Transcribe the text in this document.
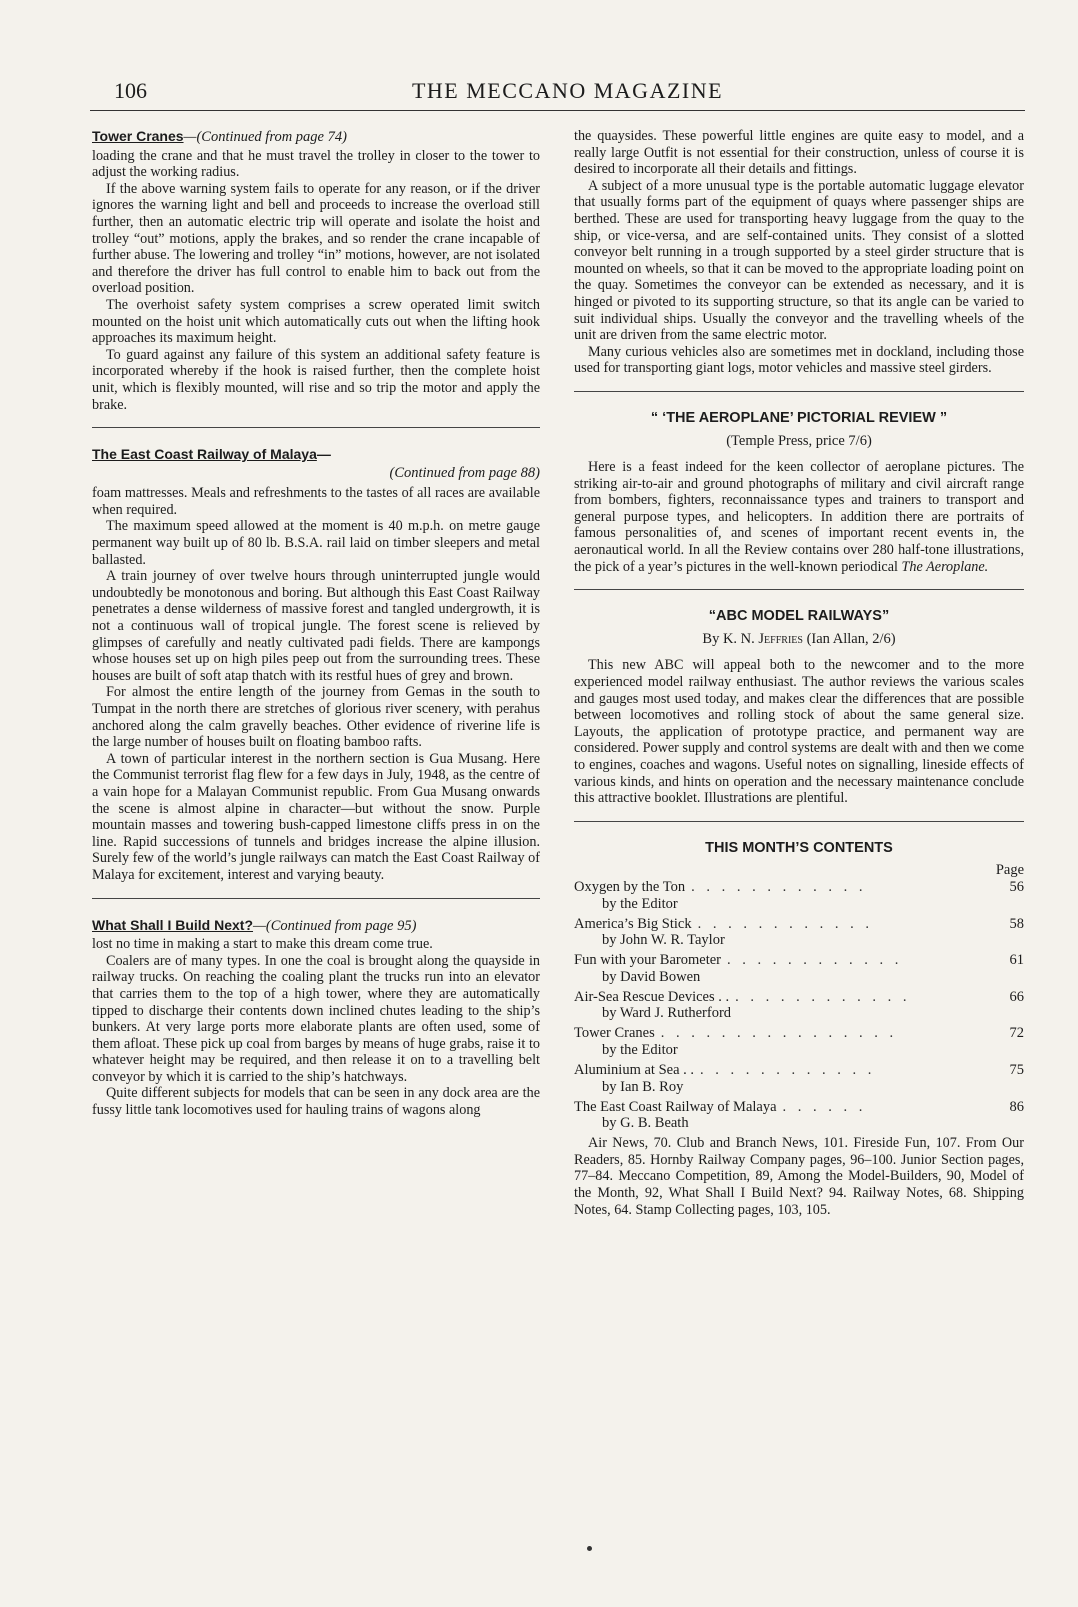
106	THE MECCANO MAGAZINE
Tower Cranes—(Continued from page 74)

loading the crane and that he must travel the trolley in closer to the tower to adjust the working radius.

If the above warning system fails to operate for any reason, or if the driver ignores the warning light and bell and proceeds to increase the overload still further, then an automatic electric trip will operate and isolate the hoist and trolley “out” motions, apply the brakes, and so render the crane incapable of further abuse. The lowering and trolley “in” motions, however, are not isolated and therefore the driver has full control to enable him to back out from the overload position.

The overhoist safety system comprises a screw operated limit switch mounted on the hoist unit which automatically cuts out when the lifting hook approaches its maximum height.

To guard against any failure of this system an additional safety feature is incorporated whereby if the hook is raised further, then the complete hoist unit, which is flexibly mounted, will rise and so trip the motor and apply the brake.

The East Coast Railway of Malaya—
(Continued from page 88)

foam mattresses. Meals and refreshments to the tastes of all races are available when required.

The maximum speed allowed at the moment is 40 m.p.h. on metre gauge permanent way built up of 80 lb. B.S.A. rail laid on timber sleepers and metal ballasted.

A train journey of over twelve hours through uninterrupted jungle would undoubtedly be monotonous and boring. But although this East Coast Railway penetrates a dense wilderness of massive forest and tangled undergrowth, it is not a continuous wall of tropical jungle. The forest scene is relieved by glimpses of carefully and neatly cultivated padi fields. There are kampongs whose houses set up on high piles peep out from the surrounding trees. These houses are built of soft atap thatch with its restful hues of grey and brown.

For almost the entire length of the journey from Gemas in the south to Tumpat in the north there are stretches of glorious river scenery, with perahus anchored along the calm gravelly beaches. Other evidence of riverine life is the large number of houses built on floating bamboo rafts.

A town of particular interest in the northern section is Gua Musang. Here the Communist terrorist flag flew for a few days in July, 1948, as the centre of a vain hope for a Malayan Communist republic. From Gua Musang onwards the scene is almost alpine in character—but without the snow. Purple mountain masses and towering bush-capped limestone cliffs press in on the line. Rapid successions of tunnels and bridges increase the alpine illusion. Surely few of the world’s jungle railways can match the East Coast Railway of Malaya for excitement, interest and varying beauty.

What Shall I Build Next?—(Continued from page 95)

lost no time in making a start to make this dream come true.

Coalers are of many types. In one the coal is brought along the quayside in railway trucks. On reaching the coaling plant the trucks run into an elevator that carries them to the top of a high tower, where they are automatically tipped to discharge their contents down inclined chutes leading to the ship’s bunkers. At very large ports more elaborate plants are often used, some of them afloat. These pick up coal from barges by means of huge grabs, raise it to whatever height may be required, and then release it on to a travelling belt conveyor by which it is carried to the ship’s hatchways.

Quite different subjects for models that can be seen in any dock area are the fussy little tank locomotives used for hauling trains of wagons along

the quaysides. These powerful little engines are quite easy to model, and a really large Outfit is not essential for their construction, unless of course it is desired to incorporate all their details and fittings.

A subject of a more unusual type is the portable automatic luggage elevator that usually forms part of the equipment of quays where passenger ships are berthed. These are used for transporting heavy luggage from the quay to the ship, or vice-versa, and are self-contained units. They consist of a slotted conveyor belt running in a trough supported by a steel girder structure that is mounted on wheels, so that it can be moved to the appropriate loading point on the quay. Sometimes the conveyor can be extended as necessary, and it is hinged or pivoted to its supporting structure, so that its angle can be varied to suit individual ships. Usually the conveyor and the travelling wheels of the unit are driven from the same electric motor.

Many curious vehicles also are sometimes met in dockland, including those used for transporting giant logs, motor vehicles and massive steel girders.

“ ‘THE AEROPLANE’ PICTORIAL REVIEW ”
(Temple Press, price 7/6)

Here is a feast indeed for the keen collector of aeroplane pictures. The striking air-to-air and ground photographs of military and civil aircraft range from bombers, fighters, reconnaissance types and trainers to transport and general purpose types, and helicopters. In addition there are portraits of famous personalities of, and scenes of important recent events in, the aeronautical world. In all the Review contains over 280 half-tone illustrations, the pick of a year’s pictures in the well-known periodical The Aeroplane.

“ABC MODEL RAILWAYS”
By K. N. Jeffries (Ian Allan, 2/6)

This new ABC will appeal both to the newcomer and to the more experienced model railway enthusiast. The author reviews the various scales and gauges most used today, and makes clear the differences that are possible between locomotives and rolling stock of about the same general size. Layouts, the application of prototype practice, and permanent way are considered. Power supply and control systems are dealt with and then we come to engines, coaches and wagons. Useful notes on signalling, lineside effects of various kinds, and hints on operation and the necessary maintenance conclude this attractive booklet. Illustrations are plentiful.

THIS MONTH’S CONTENTS
Page
Oxygen by the Ton . . . . . . . . . . . .	56
by the Editor
America’s Big Stick . . . . . . . . . . . .	58
by John W. R. Taylor
Fun with your Barometer . . . . . . . . . . . .	61
by David Bowen
Air-Sea Rescue Devices . . . . . . . . . . . . . .	66
by Ward J. Rutherford
Tower Cranes . . . . . . . . . . . . . . . .	72
by the Editor
Aluminium at Sea . . . . . . . . . . . . . .	75
by Ian B. Roy
The East Coast Railway of Malaya . . . . . .	86
by G. B. Beath

Air News, 70. Club and Branch News, 101. Fireside Fun, 107. From Our Readers, 85. Hornby Railway Company pages, 96–100. Junior Section pages, 77–84. Meccano Competition, 89, Among the Model-Builders, 90, Model of the Month, 92, What Shall I Build Next? 94. Railway Notes, 68. Shipping Notes, 64. Stamp Collecting pages, 103, 105.
